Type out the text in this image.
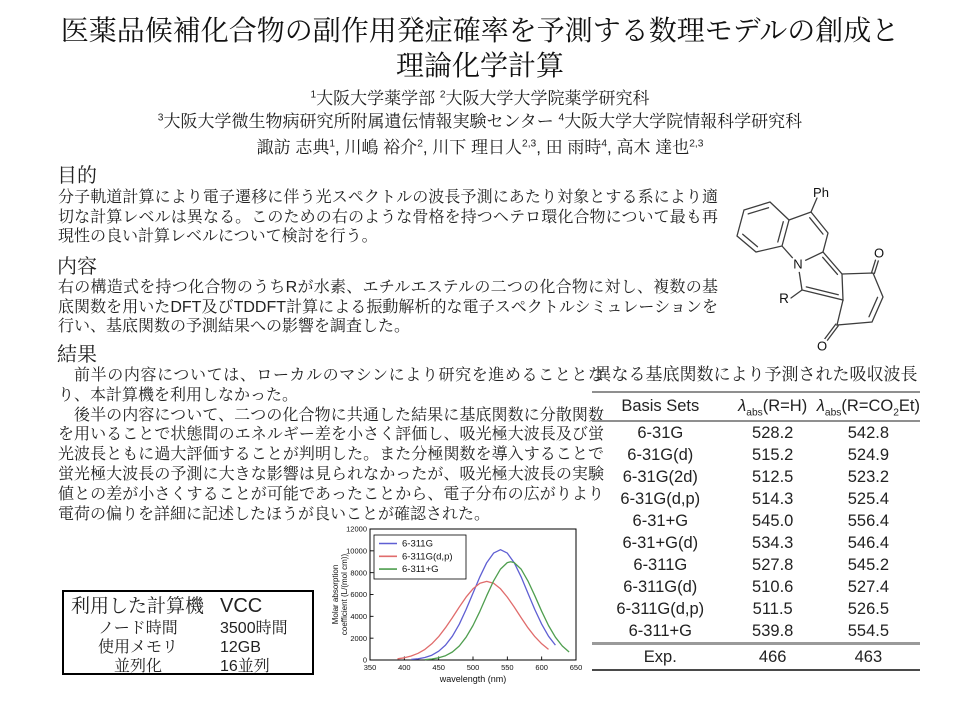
医薬品候補化合物の副作用発症確率を予測する数理モデルの創成と
理論化学計算
$^1$大阪大学薬学部 $^2$大阪大学大学院薬学研究科
$^3$大阪大学微生物病研究所附属遺伝情報実験センター $^4$大阪大学大学院情報科学研究科
諏訪 志典$^1$, 川嶋 裕介$^2$, 川下 理日人$^{2,3}$, 田 雨時$^4$, 高木 達也$^{2,3}$
目的
分子軌道計算により電子遷移に伴う光スペクトルの波長予測にあたり対象とする系により適切な計算レベルは異なる。このための右のような骨格を持つヘテロ環化合物について最も再現性の良い計算レベルについて検討を行う。
内容
右の構造式を持つ化合物のうちRが水素、エチルエステルの二つの化合物に対し、複数の基底関数を用いたDFT及びTDDFT計算による振動解析的な電子スペクトルシミュレーションを行い、基底関数の予測結果への影響を調査した。
結果

前半の内容については、ローカルのマシンにより研究を進めることとなり、本計算機を利用しなかった。

後半の内容について、二つの化合物に共通した結果に基底関数に分散関数を用いることで状態間のエネルギー差を小さく評価し、吸光極大波長及び蛍光波長ともに過大評価することが判明した。また分極関数を導入することで蛍光極大波長の予測に大きな影響は見られなかったが、吸光極大波長の実験値との差が小さくすることが可能であったことから、電子分布の広がりより電荷の偏りを詳細に記述したほうが良いことが確認された。

Ph
N
R
O
O

異なる基底関数により予測された吸収波長

Basis Sets	$\lambda_{abs}(R=H)$	$\lambda_{abs}(R=CO_2Et)$
6-31G	528.2	542.8
6-31G(d)	515.2	524.9
6-31G(2d)	512.5	523.2
6-31G(d,p)	514.3	525.4
6-31+G	545.0	556.4
6-31+G(d)	534.3	546.4
6-311G	527.8	545.2
6-311G(d)	510.6	527.4
6-311G(d,p)	511.5	526.5
6-311+G	539.8	554.5
Exp.	466	463
利用した計算機 VCC
ノード時間	3500時間
使用メモリ	12GB
並列化	16並列	350	400	450	500	550	600	650
0
2000
4000
6000
8000
10000
12000
wavelength (nm)
Molar absorption coefficient (L/(mol cm))
6-311G
6-311G(d,p)
6-311+G
